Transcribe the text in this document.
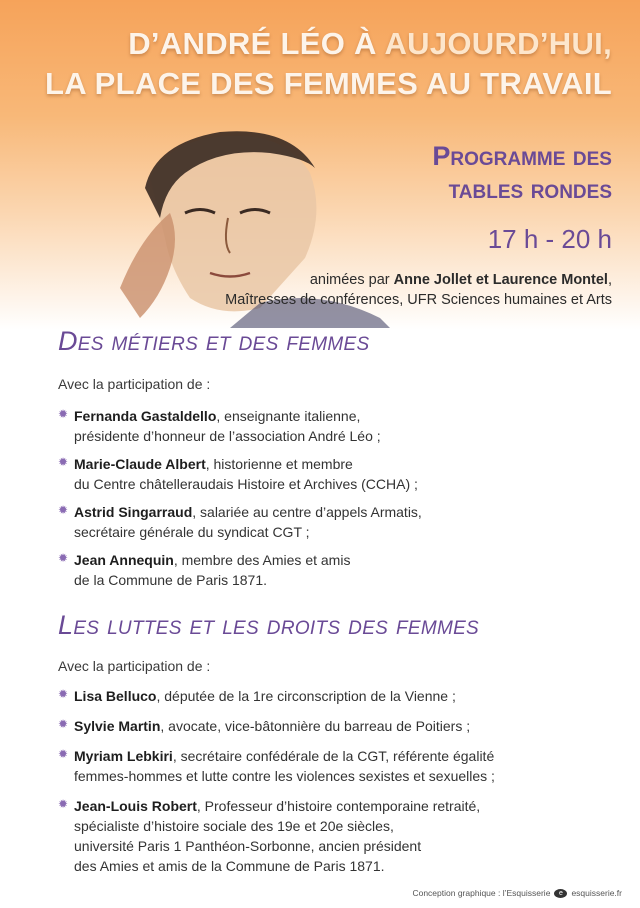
D’ANDRÉ LÉO À AUJOURD’HUI,
LA PLACE DES FEMMES AU TRAVAIL
Programme des
tables rondes
17 h - 20 h
animées par Anne Jollet et Laurence Montel,
Maîtresses de conférences, UFR Sciences humaines et Arts
Des métiers et des femmes
Avec la participation de :
✹ Fernanda Gastaldello, enseignante italienne,
présidente d’honneur de l’association André Léo ;
✹ Marie-Claude Albert, historienne et membre
du Centre châtelleraudais Histoire et Archives (CCHA) ;
✹ Astrid Singarraud, salariée au centre d’appels Armatis,
secrétaire générale du syndicat CGT ;
✹ Jean Annequin, membre des Amies et amis
de la Commune de Paris 1871.
Les luttes et les droits des femmes
Avec la participation de :
✹ Lisa Belluco, députée de la 1re circonscription de la Vienne ;
✹ Sylvie Martin, avocate, vice-bâtonnière du barreau de Poitiers ;
✹ Myriam Lebkiri, secrétaire confédérale de la CGT, référente égalité
femmes-hommes et lutte contre les violences sexistes et sexuelles ;
✹ Jean-Louis Robert, Professeur d’histoire contemporaine retraité,
spécialiste d’histoire sociale des 19e et 20e siècles,
université Paris 1 Panthéon-Sorbonne, ancien président
des Amies et amis de la Commune de Paris 1871.
Conception graphique : l’Esquisserie	e	esquisserie.fr
